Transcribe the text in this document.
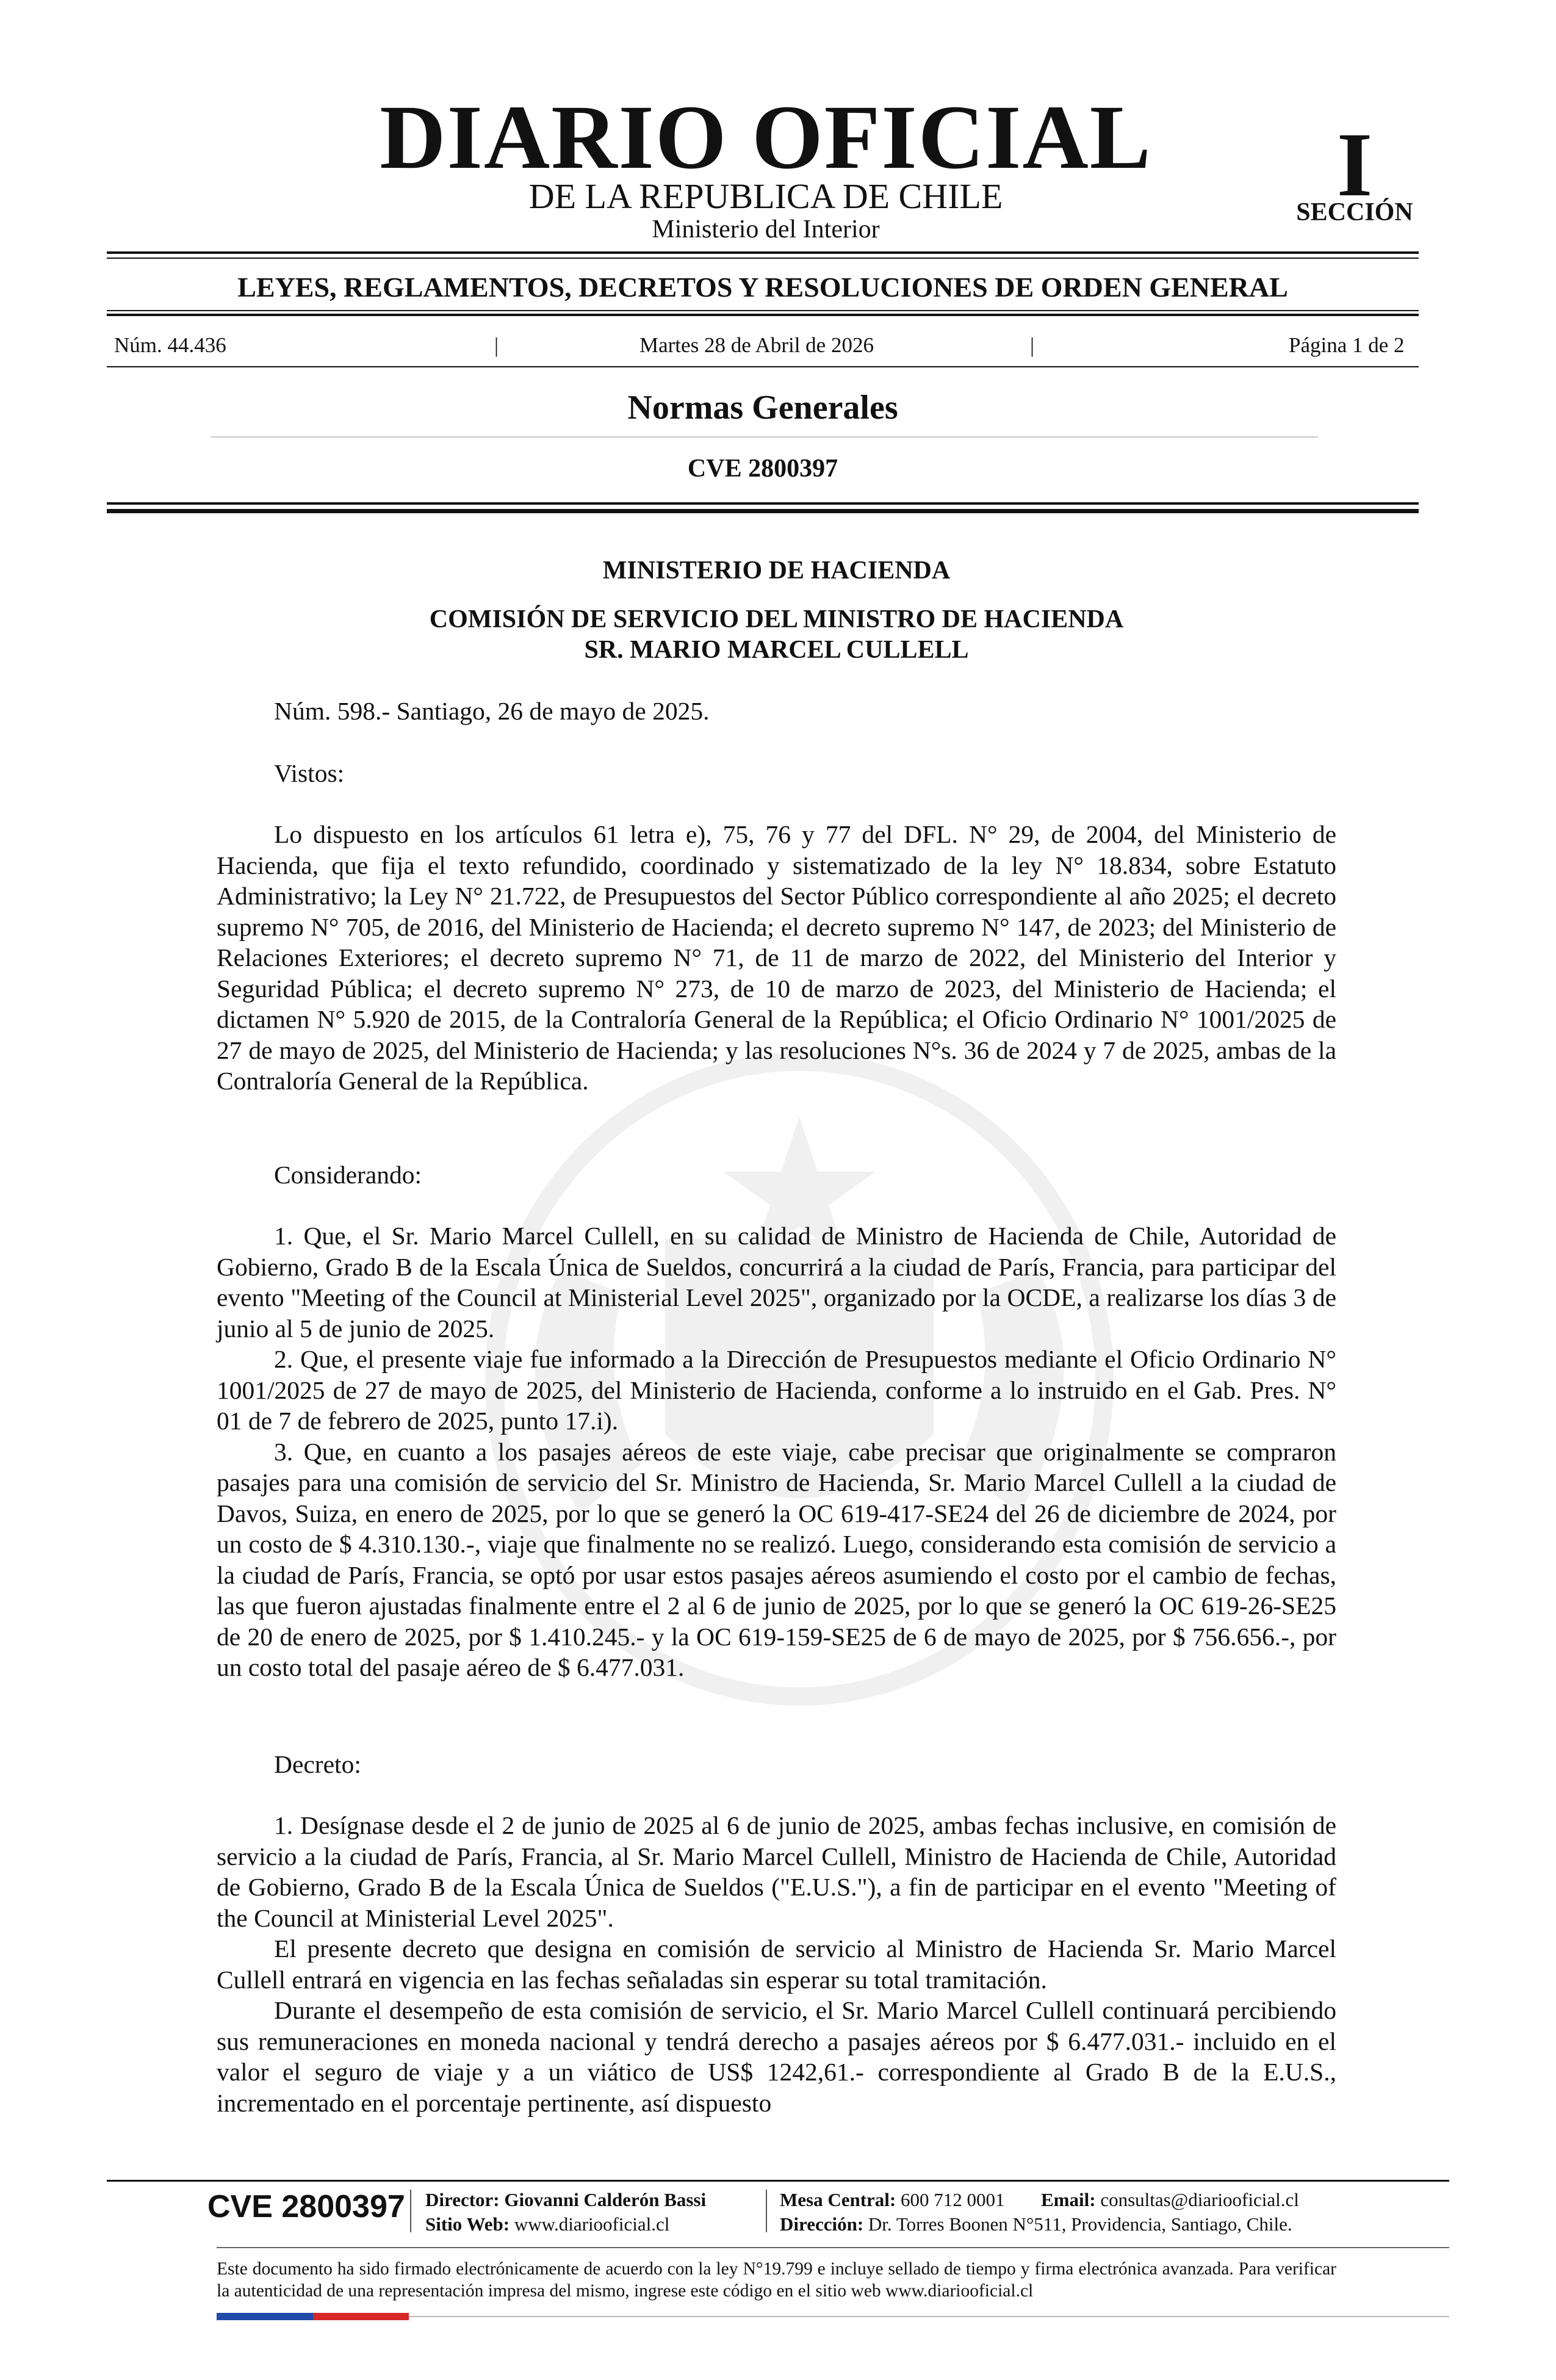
DIARIO OFICIAL
DE LA REPUBLICA DE CHILE
Ministerio del Interior
I
SECCIÓN
LEYES, REGLAMENTOS, DECRETOS Y RESOLUCIONES DE ORDEN GENERAL
Núm. 44.436	|	Martes 28 de Abril de 2026	|	Página 1 de 2
Normas Generales
CVE 2800397
MINISTERIO DE HACIENDA
COMISIÓN DE SERVICIO DEL MINISTRO DE HACIENDA
SR. MARIO MARCEL CULLELL
Núm. 598.- Santiago, 26 de mayo de 2025.
Vistos:

Lo dispuesto en los artículos 61 letra e), 75, 76 y 77 del DFL. N° 29, de 2004, del Ministerio de Hacienda, que fija el texto refundido, coordinado y sistematizado de la ley N° 18.834, sobre Estatuto Administrativo; la Ley N° 21.722, de Presupuestos del Sector Público correspondiente al año 2025; el decreto supremo N° 705, de 2016, del Ministerio de Hacienda; el decreto supremo N° 147, de 2023; del Ministerio de Relaciones Exteriores; el decreto supremo N° 71, de 11 de marzo de 2022, del Ministerio del Interior y Seguridad Pública; el decreto supremo N° 273, de 10 de marzo de 2023, del Ministerio de Hacienda; el dictamen N° 5.920 de 2015, de la Contraloría General de la República; el Oficio Ordinario N° 1001/2025 de 27 de mayo de 2025, del Ministerio de Hacienda; y las resoluciones N°s. 36 de 2024 y 7 de 2025, ambas de la Contraloría General de la República.

Considerando:

1. Que, el Sr. Mario Marcel Cullell, en su calidad de Ministro de Hacienda de Chile, Autoridad de Gobierno, Grado B de la Escala Única de Sueldos, concurrirá a la ciudad de París, Francia, para participar del evento "Meeting of the Council at Ministerial Level 2025", organizado por la OCDE, a realizarse los días 3 de junio al 5 de junio de 2025.

2. Que, el presente viaje fue informado a la Dirección de Presupuestos mediante el Oficio Ordinario N° 1001/2025 de 27 de mayo de 2025, del Ministerio de Hacienda, conforme a lo instruido en el Gab. Pres. N° 01 de 7 de febrero de 2025, punto 17.i).

3. Que, en cuanto a los pasajes aéreos de este viaje, cabe precisar que originalmente se compraron pasajes para una comisión de servicio del Sr. Ministro de Hacienda, Sr. Mario Marcel Cullell a la ciudad de Davos, Suiza, en enero de 2025, por lo que se generó la OC 619-417-SE24 del 26 de diciembre de 2024, por un costo de $ 4.310.130.-, viaje que finalmente no se realizó. Luego, considerando esta comisión de servicio a la ciudad de París, Francia, se optó por usar estos pasajes aéreos asumiendo el costo por el cambio de fechas, las que fueron ajustadas finalmente entre el 2 al 6 de junio de 2025, por lo que se generó la OC 619-26-SE25 de 20 de enero de 2025, por $ 1.410.245.- y la OC 619-159-SE25 de 6 de mayo de 2025, por $ 756.656.-, por un costo total del pasaje aéreo de $ 6.477.031.

Decreto:

1. Desígnase desde el 2 de junio de 2025 al 6 de junio de 2025, ambas fechas inclusive, en comisión de servicio a la ciudad de París, Francia, al Sr. Mario Marcel Cullell, Ministro de Hacienda de Chile, Autoridad de Gobierno, Grado B de la Escala Única de Sueldos ("E.U.S."), a fin de participar en el evento "Meeting of the Council at Ministerial Level 2025".

El presente decreto que designa en comisión de servicio al Ministro de Hacienda Sr. Mario Marcel Cullell entrará en vigencia en las fechas señaladas sin esperar su total tramitación.

Durante el desempeño de esta comisión de servicio, el Sr. Mario Marcel Cullell continuará percibiendo sus remuneraciones en moneda nacional y tendrá derecho a pasajes aéreos por $ 6.477.031.- incluido en el valor el seguro de viaje y a un viático de US$ 1242,61.- correspondiente al Grado B de la E.U.S., incrementado en el porcentaje pertinente, así dispuesto

CVE 2800397 Director: Giovanni Calderón Bassi
Sitio Web: www.diariooficial.cl
Mesa Central: 600 712 0001 Email: consultas@diariooficial.cl
Dirección: Dr. Torres Boonen N°511, Providencia, Santiago, Chile.
Este documento ha sido firmado electrónicamente de acuerdo con la ley N°19.799 e incluye sellado de tiempo y firma electrónica avanzada. Para verificar la autenticidad de una representación impresa del mismo, ingrese este código en el sitio web www.diariooficial.cl
